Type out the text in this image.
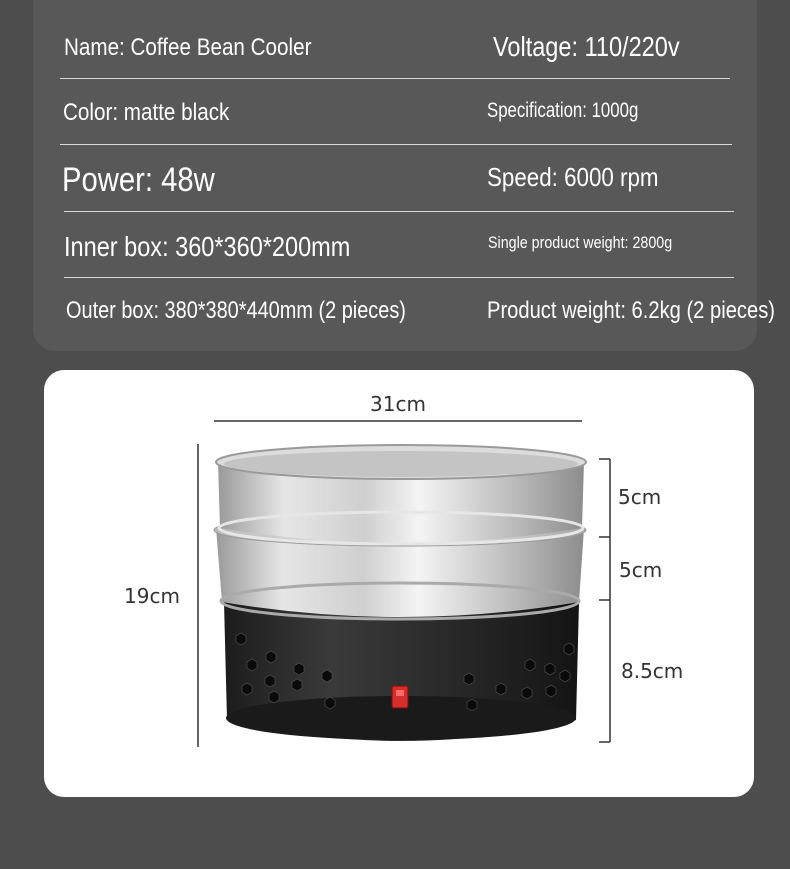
Name: Coffee Bean Cooler	Voltage: 110/220v
Color: matte black	Specification: 1000g
Power: 48w	Speed: 6000 rpm
Inner box: 360*360*200mm	Single product weight: 2800g
Outer box: 380*380*440mm (2 pieces)	Product weight: 6.2kg (2 pieces)
31cm
19cm
5cm
5cm
8.5cm
